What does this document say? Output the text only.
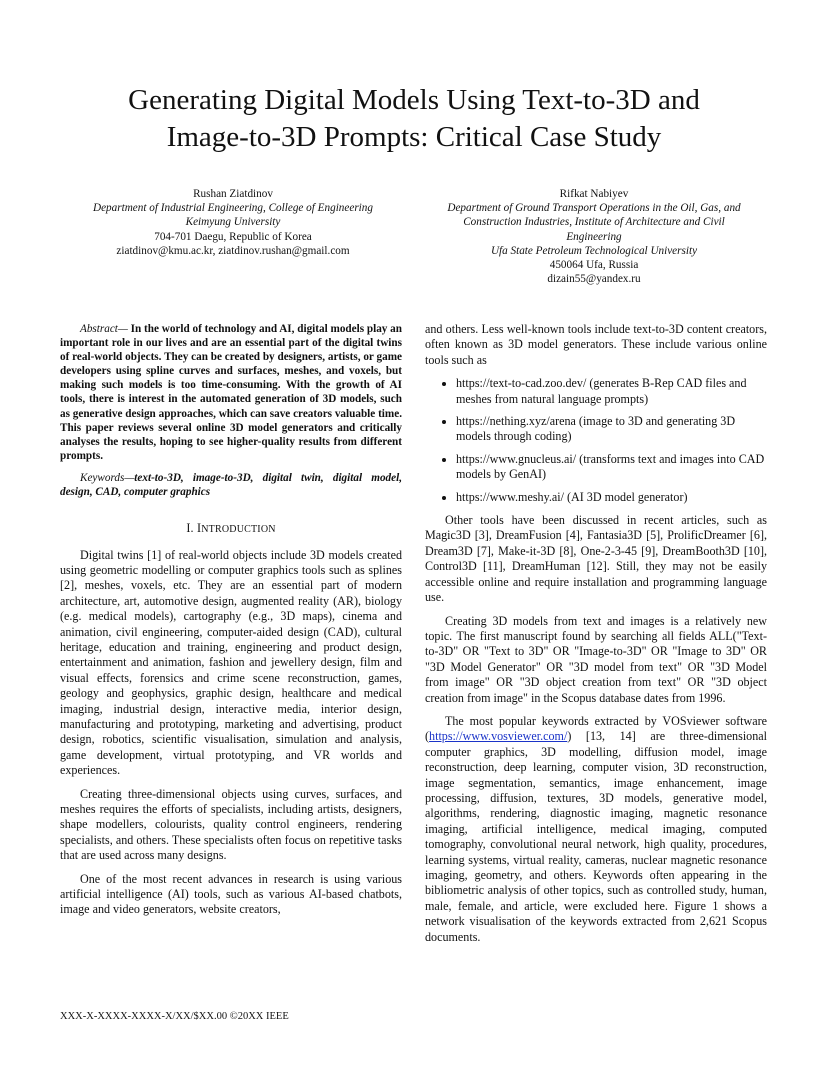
Generating Digital Models Using Text-to-3D and
Image-to-3D Prompts: Critical Case Study
Rushan Ziatdinov
Department of Industrial Engineering, College of Engineering
Keimyung University
704-701 Daegu, Republic of Korea
ziatdinov@kmu.ac.kr, ziatdinov.rushan@gmail.com
Rifkat Nabiyev
Department of Ground Transport Operations in the Oil, Gas, and
Construction Industries, Institute of Architecture and Civil
Engineering
Ufa State Petroleum Technological University
450064 Ufa, Russia
dizain55@yandex.ru

Abstract— In the world of technology and AI, digital models play an important role in our lives and are an essential part of the digital twins of real-world objects. They can be created by designers, artists, or game developers using spline curves and surfaces, meshes, and voxels, but making such models is too time-consuming. With the growth of AI tools, there is interest in the automated generation of 3D models, such as generative design approaches, which can save creators valuable time. This paper reviews several online 3D model generators and critically analyses the results, hoping to see higher-quality results from different prompts.

Keywords—text-to-3D, image-to-3D, digital twin, digital model, design, CAD, computer graphics

I. INTRODUCTION

Digital twins [1] of real-world objects include 3D models created using geometric modelling or computer graphics tools such as splines [2], meshes, voxels, etc. They are an essential part of modern architecture, art, automotive design, augmented reality (AR), biology (e.g. medical models), cartography (e.g., 3D maps), cinema and animation, civil engineering, computer-aided design (CAD), cultural heritage, education and training, engineering and product design, entertainment and animation, fashion and jewellery design, film and visual effects, forensics and crime scene reconstruction, games, geology and geophysics, graphic design, healthcare and medical imaging, industrial design, interactive media, interior design, manufacturing and prototyping, marketing and advertising, product design, robotics, scientific visualisation, simulation and analysis, game development, virtual prototyping, and VR worlds and experiences.

Creating three-dimensional objects using curves, surfaces, and meshes requires the efforts of specialists, including artists, designers, shape modellers, colourists, quality control engineers, rendering specialists, and others. These specialists often focus on repetitive tasks that are used across many designs.

One of the most recent advances in research is using various artificial intelligence (AI) tools, such as various AI-based chatbots, image and video generators, website creators,

and others. Less well-known tools include text-to-3D content creators, often known as 3D model generators. These include various online tools such as

• https://text-to-cad.zoo.dev/ (generates B-Rep CAD files and meshes from natural language prompts)
• https://nething.xyz/arena (image to 3D and generating 3D models through coding)
• https://www.gnucleus.ai/ (transforms text and images into CAD models by GenAI)
• https://www.meshy.ai/ (AI 3D model generator)

Other tools have been discussed in recent articles, such as Magic3D [3], DreamFusion [4], Fantasia3D [5], ProlificDreamer [6], Dream3D [7], Make-it-3D [8], One-2-3-45 [9], DreamBooth3D [10], Control3D [11], DreamHuman [12]. Still, they may not be easily accessible online and require installation and programming language use.

Creating 3D models from text and images is a relatively new topic. The first manuscript found by searching all fields ALL("Text-to-3D" OR "Text to 3D" OR "Image-to-3D" OR "Image to 3D" OR "3D Model Generator" OR "3D model from text" OR "3D Model from image" OR "3D object creation from text" OR "3D object creation from image" in the Scopus database dates from 1996.

The most popular keywords extracted by VOSviewer software (https://www.vosviewer.com/) [13, 14] are three-dimensional computer graphics, 3D modelling, diffusion model, image reconstruction, deep learning, computer vision, 3D reconstruction, image segmentation, semantics, image enhancement, image processing, diffusion, textures, 3D models, generative model, algorithms, rendering, diagnostic imaging, magnetic resonance imaging, artificial intelligence, medical imaging, computed tomography, convolutional neural network, high quality, procedures, learning systems, virtual reality, cameras, nuclear magnetic resonance imaging, geometry, and others. Keywords often appearing in the bibliometric analysis of other topics, such as controlled study, human, male, female, and article, were excluded here. Figure 1 shows a network visualisation of the keywords extracted from 2,621 Scopus documents.

XXX-X-XXXX-XXXX-X/XX/$XX.00 ©20XX IEEE
